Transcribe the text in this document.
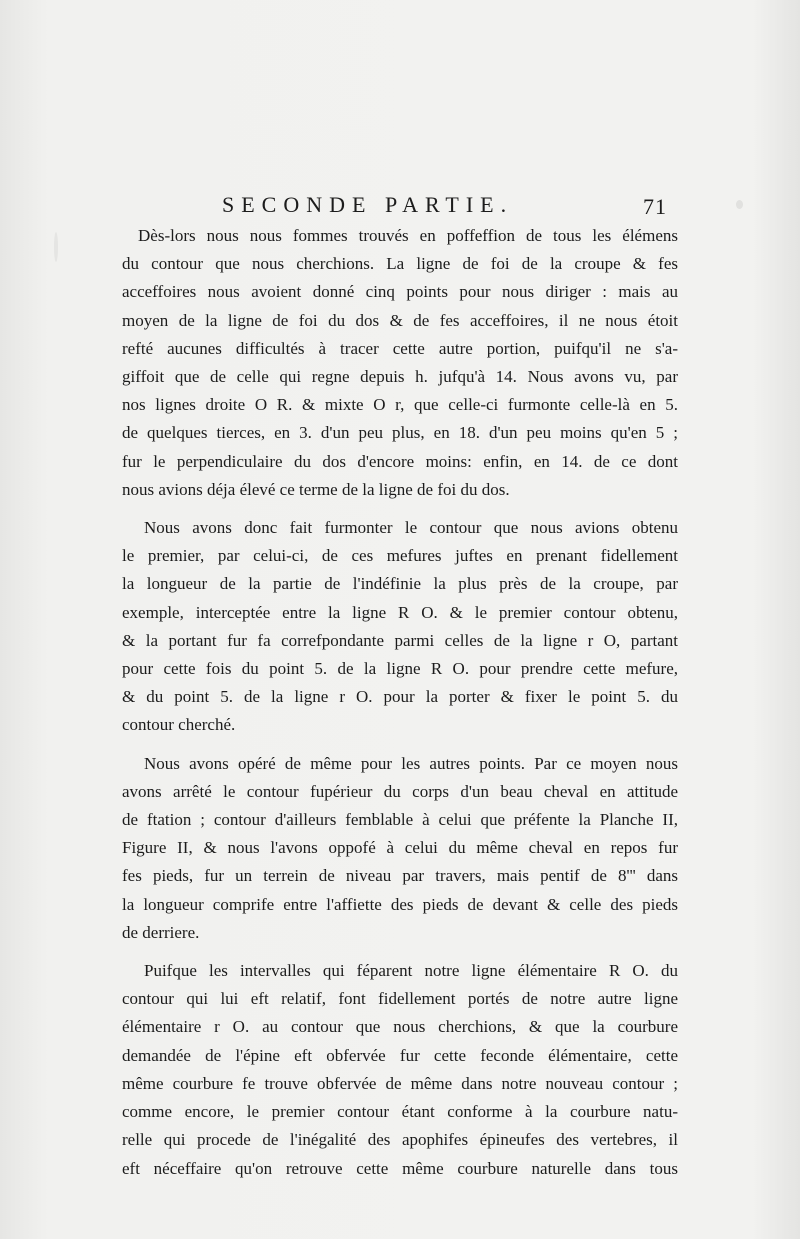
SECONDE PARTIE.	71

Dès-lors nous nous fommes trouvés en poffeffion de tous les élémens
du contour que nous cherchions. La ligne de foi de la croupe & fes
acceffoires nous avoient donné cinq points pour nous diriger : mais au
moyen de la ligne de foi du dos & de fes acceffoires, il ne nous étoit
refté aucunes difficultés à tracer cette autre portion, puifqu'il ne s'a-
giffoit que de celle qui regne depuis h. jufqu'à 14. Nous avons vu, par
nos lignes droite O R. & mixte O r, que celle-ci furmonte celle-là en 5.
de quelques tierces, en 3. d'un peu plus, en 18. d'un peu moins qu'en 5 ;
fur le perpendiculaire du dos d'encore moins: enfin, en 14. de ce dont
nous avions déja élevé ce terme de la ligne de foi du dos.

Nous avons donc fait furmonter le contour que nous avions obtenu
le premier, par celui-ci, de ces mefures juftes en prenant fidellement
la longueur de la partie de l'indéfinie la plus près de la croupe, par
exemple, interceptée entre la ligne R O. & le premier contour obtenu,
& la portant fur fa correfpondante parmi celles de la ligne r O, partant
pour cette fois du point 5. de la ligne R O. pour prendre cette mefure,
& du point 5. de la ligne r O. pour la porter & fixer le point 5. du
contour cherché.

Nous avons opéré de même pour les autres points. Par ce moyen nous
avons arrêté le contour fupérieur du corps d'un beau cheval en attitude
de ftation ; contour d'ailleurs femblable à celui que préfente la Planche II,
Figure II, & nous l'avons oppofé à celui du même cheval en repos fur
fes pieds, fur un terrein de niveau par travers, mais pentif de 8''' dans
la longueur comprife entre l'affiette des pieds de devant & celle des pieds
de derriere.

Puifque les intervalles qui féparent notre ligne élémentaire R O. du
contour qui lui eft relatif, font fidellement portés de notre autre ligne
élémentaire r O. au contour que nous cherchions, & que la courbure
demandée de l'épine eft obfervée fur cette feconde élémentaire, cette
même courbure fe trouve obfervée de même dans notre nouveau contour ;
comme encore, le premier contour étant conforme à la courbure natu-
relle qui procede de l'inégalité des apophifes épineufes des vertebres, il
eft néceffaire qu'on retrouve cette même courbure naturelle dans tous
